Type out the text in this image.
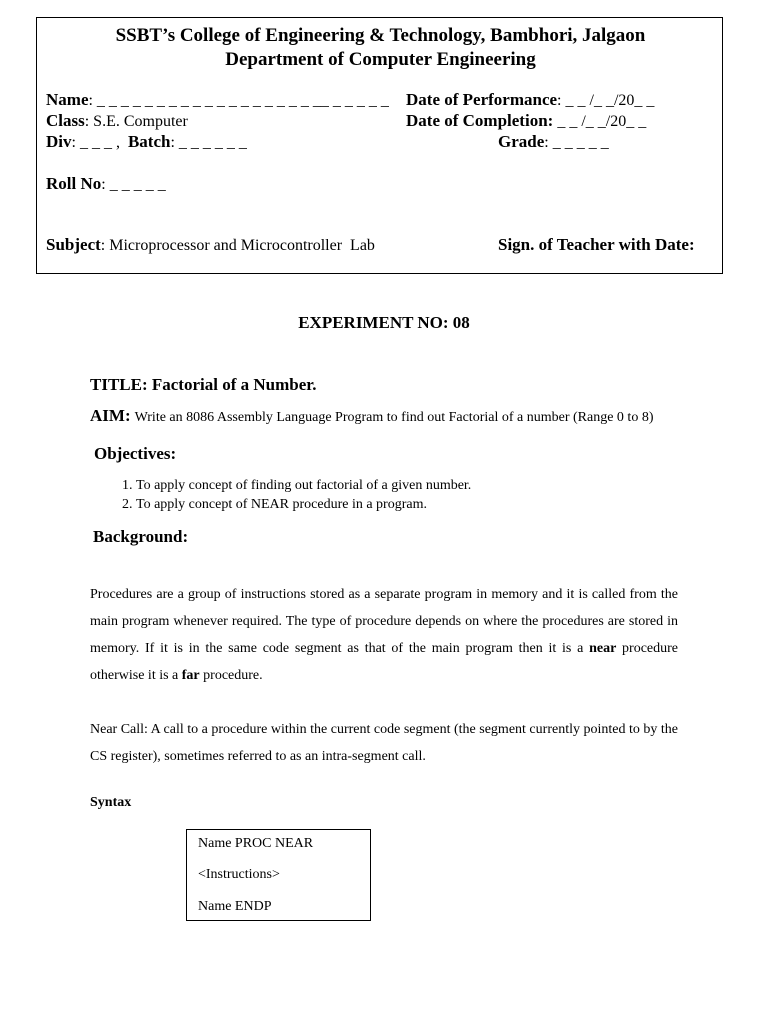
SSBT’s College of Engineering & Technology, Bambhori, Jalgaon
Department of Computer Engineering
Name: _ _ _ _ _ _ _ _ _ _ _ _ _ _ _ _ _ _ __ _ _ _ _ _ Date of Performance: _ _ /_ _/20_ _
Class: S.E. Computer	Date of Completion: _ _ /_ _/20_ _
Div: _ _ _ ,  Batch: _ _ _ _ _ _	Grade: _ _ _ _ _
Roll No: _ _ _ _ _
Subject: Microprocessor and Microcontroller  Lab	Sign. of Teacher with Date:
EXPERIMENT NO: 08
TITLE: Factorial of a Number.
AIM: Write an 8086 Assembly Language Program to find out Factorial of a number (Range 0 to 8)
Objectives:
1. To apply concept of finding out factorial of a given number.
2. To apply concept of NEAR procedure in a program.
Background:
Procedures are a group of instructions stored as a separate program in memory and it is called from the main program whenever required. The type of procedure depends on where the procedures are stored in memory. If it is in the same code segment as that of the main program then it is a near procedure otherwise it is a far procedure.
Near Call: A call to a procedure within the current code segment (the segment currently pointed to by the CS register), sometimes referred to as an intra-segment call.
Syntax
Name PROC NEAR
<Instructions>
Name ENDP
